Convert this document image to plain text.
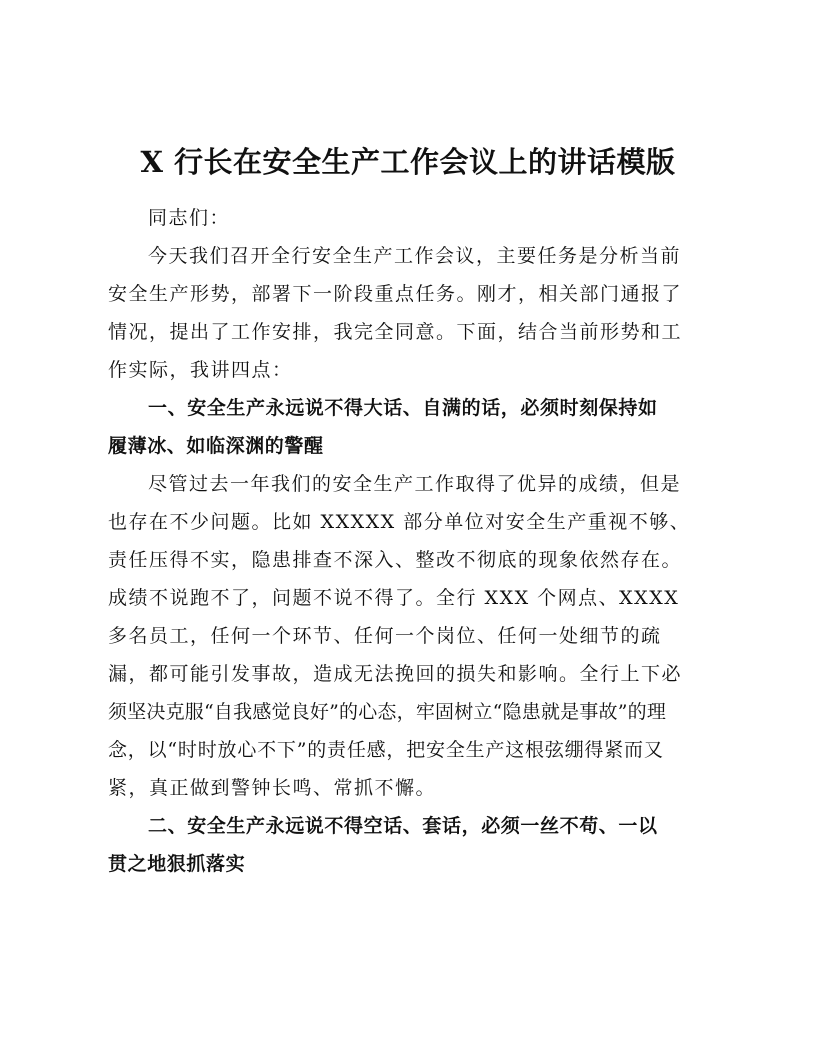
X 行长在安全生产工作会议上的讲话模版
同志们：
今天我们召开全行安全生产工作会议，主要任务是分析当前
安全生产形势，部署下一阶段重点任务。刚才，相关部门通报了
情况，提出了工作安排，我完全同意。下面，结合当前形势和工
作实际，我讲四点：
一、安全生产永远说不得大话、自满的话，必须时刻保持如
履薄冰、如临深渊的警醒
尽管过去一年我们的安全生产工作取得了优异的成绩，但是
也存在不少问题。比如 XXXXX 部分单位对安全生产重视不够、
责任压得不实，隐患排查不深入、整改不彻底的现象依然存在。
成绩不说跑不了，问题不说不得了。全行 XXX 个网点、XXXX
多名员工，任何一个环节、任何一个岗位、任何一处细节的疏
漏，都可能引发事故，造成无法挽回的损失和影响。全行上下必
须坚决克服“自我感觉良好”的心态，牢固树立“隐患就是事故”的理
念，以“时时放心不下”的责任感，把安全生产这根弦绷得紧而又
紧，真正做到警钟长鸣、常抓不懈。
二、安全生产永远说不得空话、套话，必须一丝不苟、一以
贯之地狠抓落实
